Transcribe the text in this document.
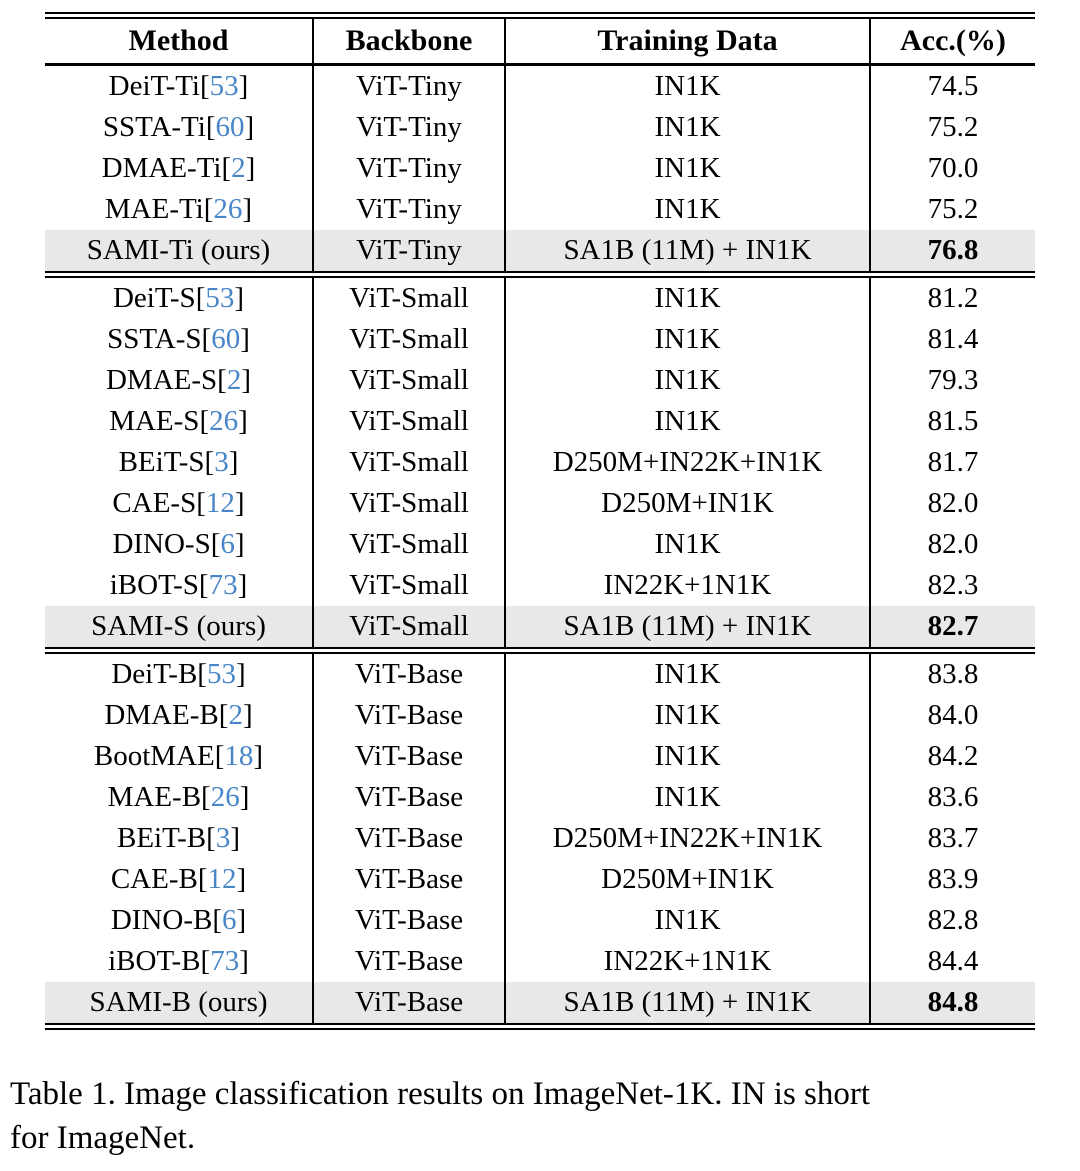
Method	Backbone	Training Data	Acc.(%)
DeiT-Ti[53]	ViT-Tiny	IN1K	74.5
SSTA-Ti[60]	ViT-Tiny	IN1K	75.2
DMAE-Ti[2]	ViT-Tiny	IN1K	70.0
MAE-Ti[26]	ViT-Tiny	IN1K	75.2
SAMI-Ti (ours)	ViT-Tiny	SA1B (11M) + IN1K	76.8
DeiT-S[53]	ViT-Small	IN1K	81.2
SSTA-S[60]	ViT-Small	IN1K	81.4
DMAE-S[2]	ViT-Small	IN1K	79.3
MAE-S[26]	ViT-Small	IN1K	81.5
BEiT-S[3]	ViT-Small	D250M+IN22K+IN1K	81.7
CAE-S[12]	ViT-Small	D250M+IN1K	82.0
DINO-S[6]	ViT-Small	IN1K	82.0
iBOT-S[73]	ViT-Small	IN22K+1N1K	82.3
SAMI-S (ours)	ViT-Small	SA1B (11M) + IN1K	82.7
DeiT-B[53]	ViT-Base	IN1K	83.8
DMAE-B[2]	ViT-Base	IN1K	84.0
BootMAE[18]	ViT-Base	IN1K	84.2
MAE-B[26]	ViT-Base	IN1K	83.6
BEiT-B[3]	ViT-Base	D250M+IN22K+IN1K	83.7
CAE-B[12]	ViT-Base	D250M+IN1K	83.9
DINO-B[6]	ViT-Base	IN1K	82.8
iBOT-B[73]	ViT-Base	IN22K+1N1K	84.4
SAMI-B (ours)	ViT-Base	SA1B (11M) + IN1K	84.8
Table 1. Image classification results on ImageNet-1K. IN is short
for ImageNet.
